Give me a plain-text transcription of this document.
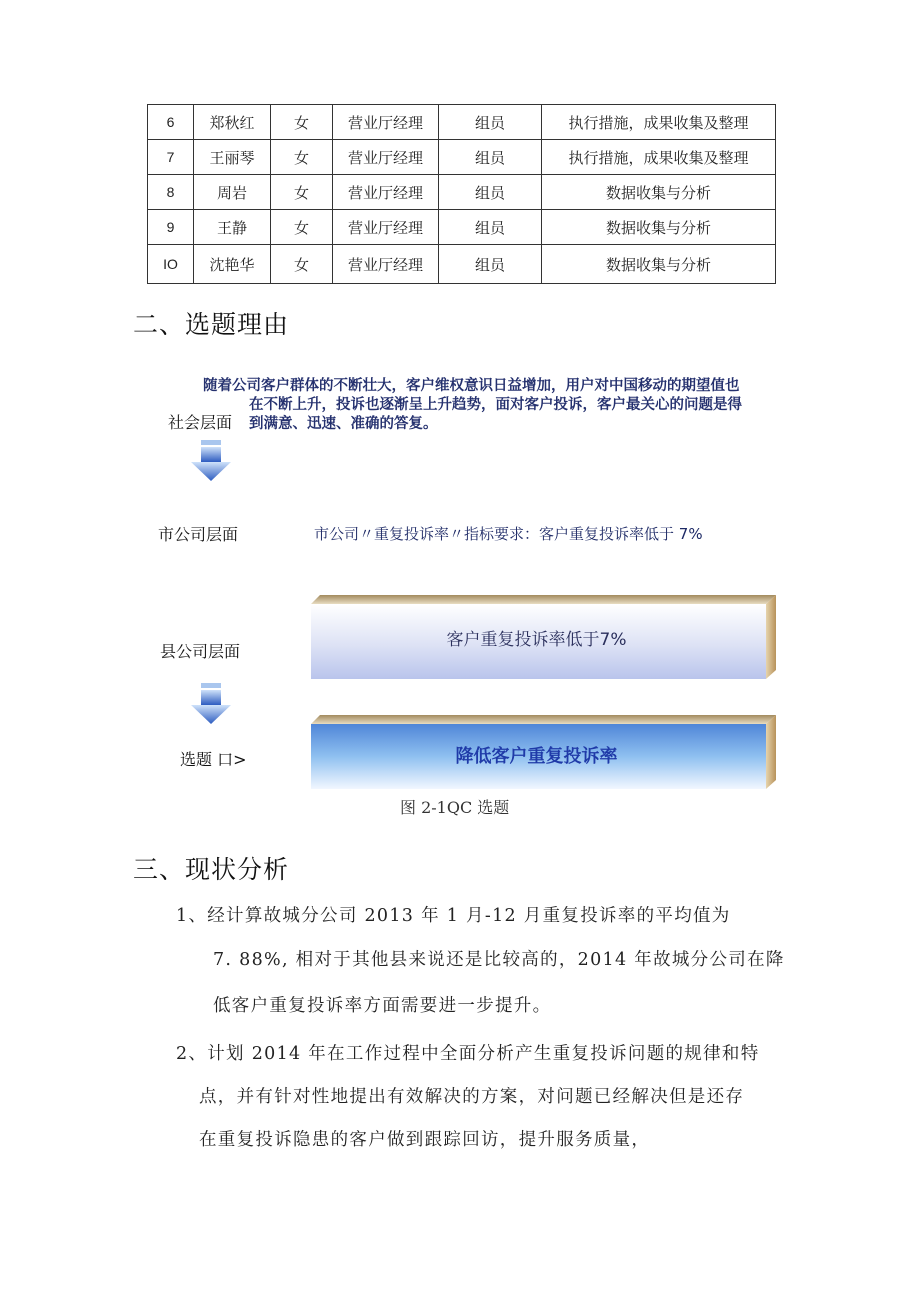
6	郑秋红	女	营业厅经理	组员	执行措施，成果收集及整理
7	王丽琴	女	营业厅经理	组员	执行措施，成果收集及整理
8	周岩	女	营业厅经理	组员	数据收集与分析
9	王静	女	营业厅经理	组员	数据收集与分析
IO	沈艳华	女	营业厅经理	组员	数据收集与分析
二、选题理由
随着公司客户群体的不断壮大，客户维权意识日益增加，用户对中国移动的期望值也
在不断上升，投诉也逐渐呈上升趋势，面对客户投诉，客户最关心的问题是得
到满意、迅速、准确的答复。
社会层面
市公司层面	市公司〃重复投诉率〃指标要求：客户重复投诉率低于 7%
县公司层面
客户重复投诉率低于7%
选题 口>	降低客户重复投诉率
图 2-1QC 选题
三、现状分析
1、经计算故城分公司 2013 年 1 月-12 月重复投诉率的平均值为
7. 88%, 相对于其他县来说还是比较高的，2014 年故城分公司在降
低客户重复投诉率方面需要进一步提升。
2、计划 2014 年在工作过程中全面分析产生重复投诉问题的规律和特
点，并有针对性地提出有效解决的方案，对问题已经解决但是还存
在重复投诉隐患的客户做到跟踪回访，提升服务质量，
